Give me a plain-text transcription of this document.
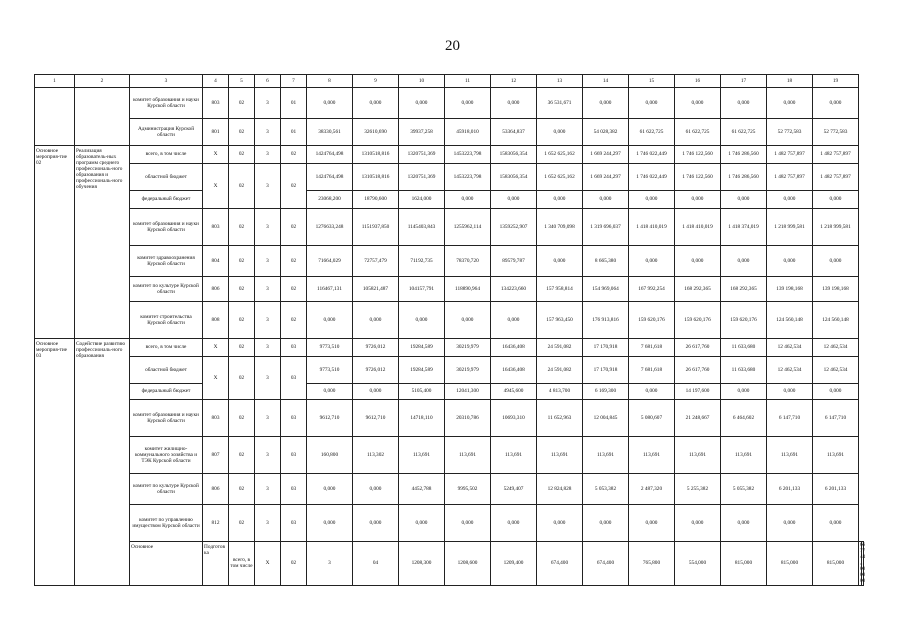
20
1	2	3	4	5	6	7	8	9	10	11	12	13	14	15	16	17	18	19		
		комитет образования и науки Курской области	803	02	3	01	0,000	0,000	0,000	0,000	0,000	36 531,671	0,000	0,000	0,000	0,000	0,000	0,000		
		Администрация Курской области	801	02	3	01	38330,561	32610,690	39937,258	45918,010	53364,837	0,000	54 028,382	61 622,725	61 622,725	61 622,725	52 772,583	52 772,583		
Основное мероприя-тие 02	Реализация образователь-ных программ среднего профессиональ-ного образования и профессиональ-ного обучения	всего, в том числе	Х	02	3	02	1424764,498	1310518,816	1320751,369	1453223,798	1583056,354	1 652 625,162	1 669 244,297	1 746 022,449	1 746 122,560	1 746 286,560	1 482 757,897	1 482 757,897		
		областной бюджет	Х	02	3	02	1424764,498	1310518,816	1320751,369	1453223,798	1583056,354	1 652 625,162	1 669 244,297	1 746 022,449	1 746 122,560	1 746 286,560	1 482 757,897	1 482 757,897		
		федеральный бюджет					23068,200	18790,600	1624,000	0,000	0,000	0,000	0,000	0,000	0,000	0,000	0,000	0,000		
		комитет образования и науки Курской области	803	02	3	02	1276633,248	1151937,850	1145403,843	1255962,114	1359252,907	1 340 709,098	1 319 696,037	1 418 410,019	1 418 410,019	1 418 374,019	1 218 999,581	1 218 999,581		
		комитет здравоохранения Курской области	804	02	3	02	71664,029	72757,479	71192,735	78370,720	89579,787	0,000	8 665,380	0,000	0,000	0,000	0,000	0,000		
		комитет по культуре Курской области	806	02	3	02	116467,131	105821,487	104157,791	118890,964	134223,660	157 958,814	154 969,064	167 992,254	168 292,365	168 292,365	139 198,168	139 198,168		
		комитет строительства Курской области	808	02	3	02	0,000	0,000	0,000	0,000	0,000	157 963,450	176 913,816	159 620,176	159 620,176	159 620,176	124 560,148	124 560,148		
Основное мероприя-тие 03	Содействие развитию профессиональ-ного образования	всего, в том числе	Х	02	3	03	9773,510	9726,012	19284,589	30219,979	16436,408	24 591,082	17 170,918	7 681,618	26 617,760	11 633,680	12 462,534	12 462,534		
		областной бюджет	Х	02	3	03	9773,510	9726,012	19284,589	30219,979	16436,408	24 591,082	17 170,918	7 681,618	26 617,760	11 633,680	12 462,534	12 462,534		
		федеральный бюджет					0,000	0,000	5105,400	12041,300	4945,600	4 813,700	6 169,300	0,000	14 197,600	0,000	0,000	0,000		
		комитет образования и науки Курской области	803	02	3	03	9612,710	9612,710	14718,110	20310,786	10693,310	11 652,963	12 004,845	5 080,607	21 248,667	6 464,602	6 147,710	6 147,710		
		комитет жилищно-коммунального хозяйства и ТЭК Курской области	807	02	3	03	160,800	113,302	113,691	113,691	113,691	113,691	113,691	113,691	113,691	113,691	113,691	113,691		
		комитет по культуре Курской области	806	02	3	03	0,000	0,000	4452,788	9995,502	5249,407	12 824,828	5 053,382	2 487,320	5 255,382	5 055,382	6 201,133	6 201,133		
		комитет по управлению имуществом Курской области	812	02	3	03	0,000	0,000	0,000	0,000	0,000	0,000	0,000	0,000	0,000	0,000	0,000	0,000		
		Основное	Подготовка	всего, в том числе	Х	02	3	04	1208,300	1208,600	1209,400	674,400	674,400	765,800	554,000	815,000	815,000	815,000	674,000	674,000
